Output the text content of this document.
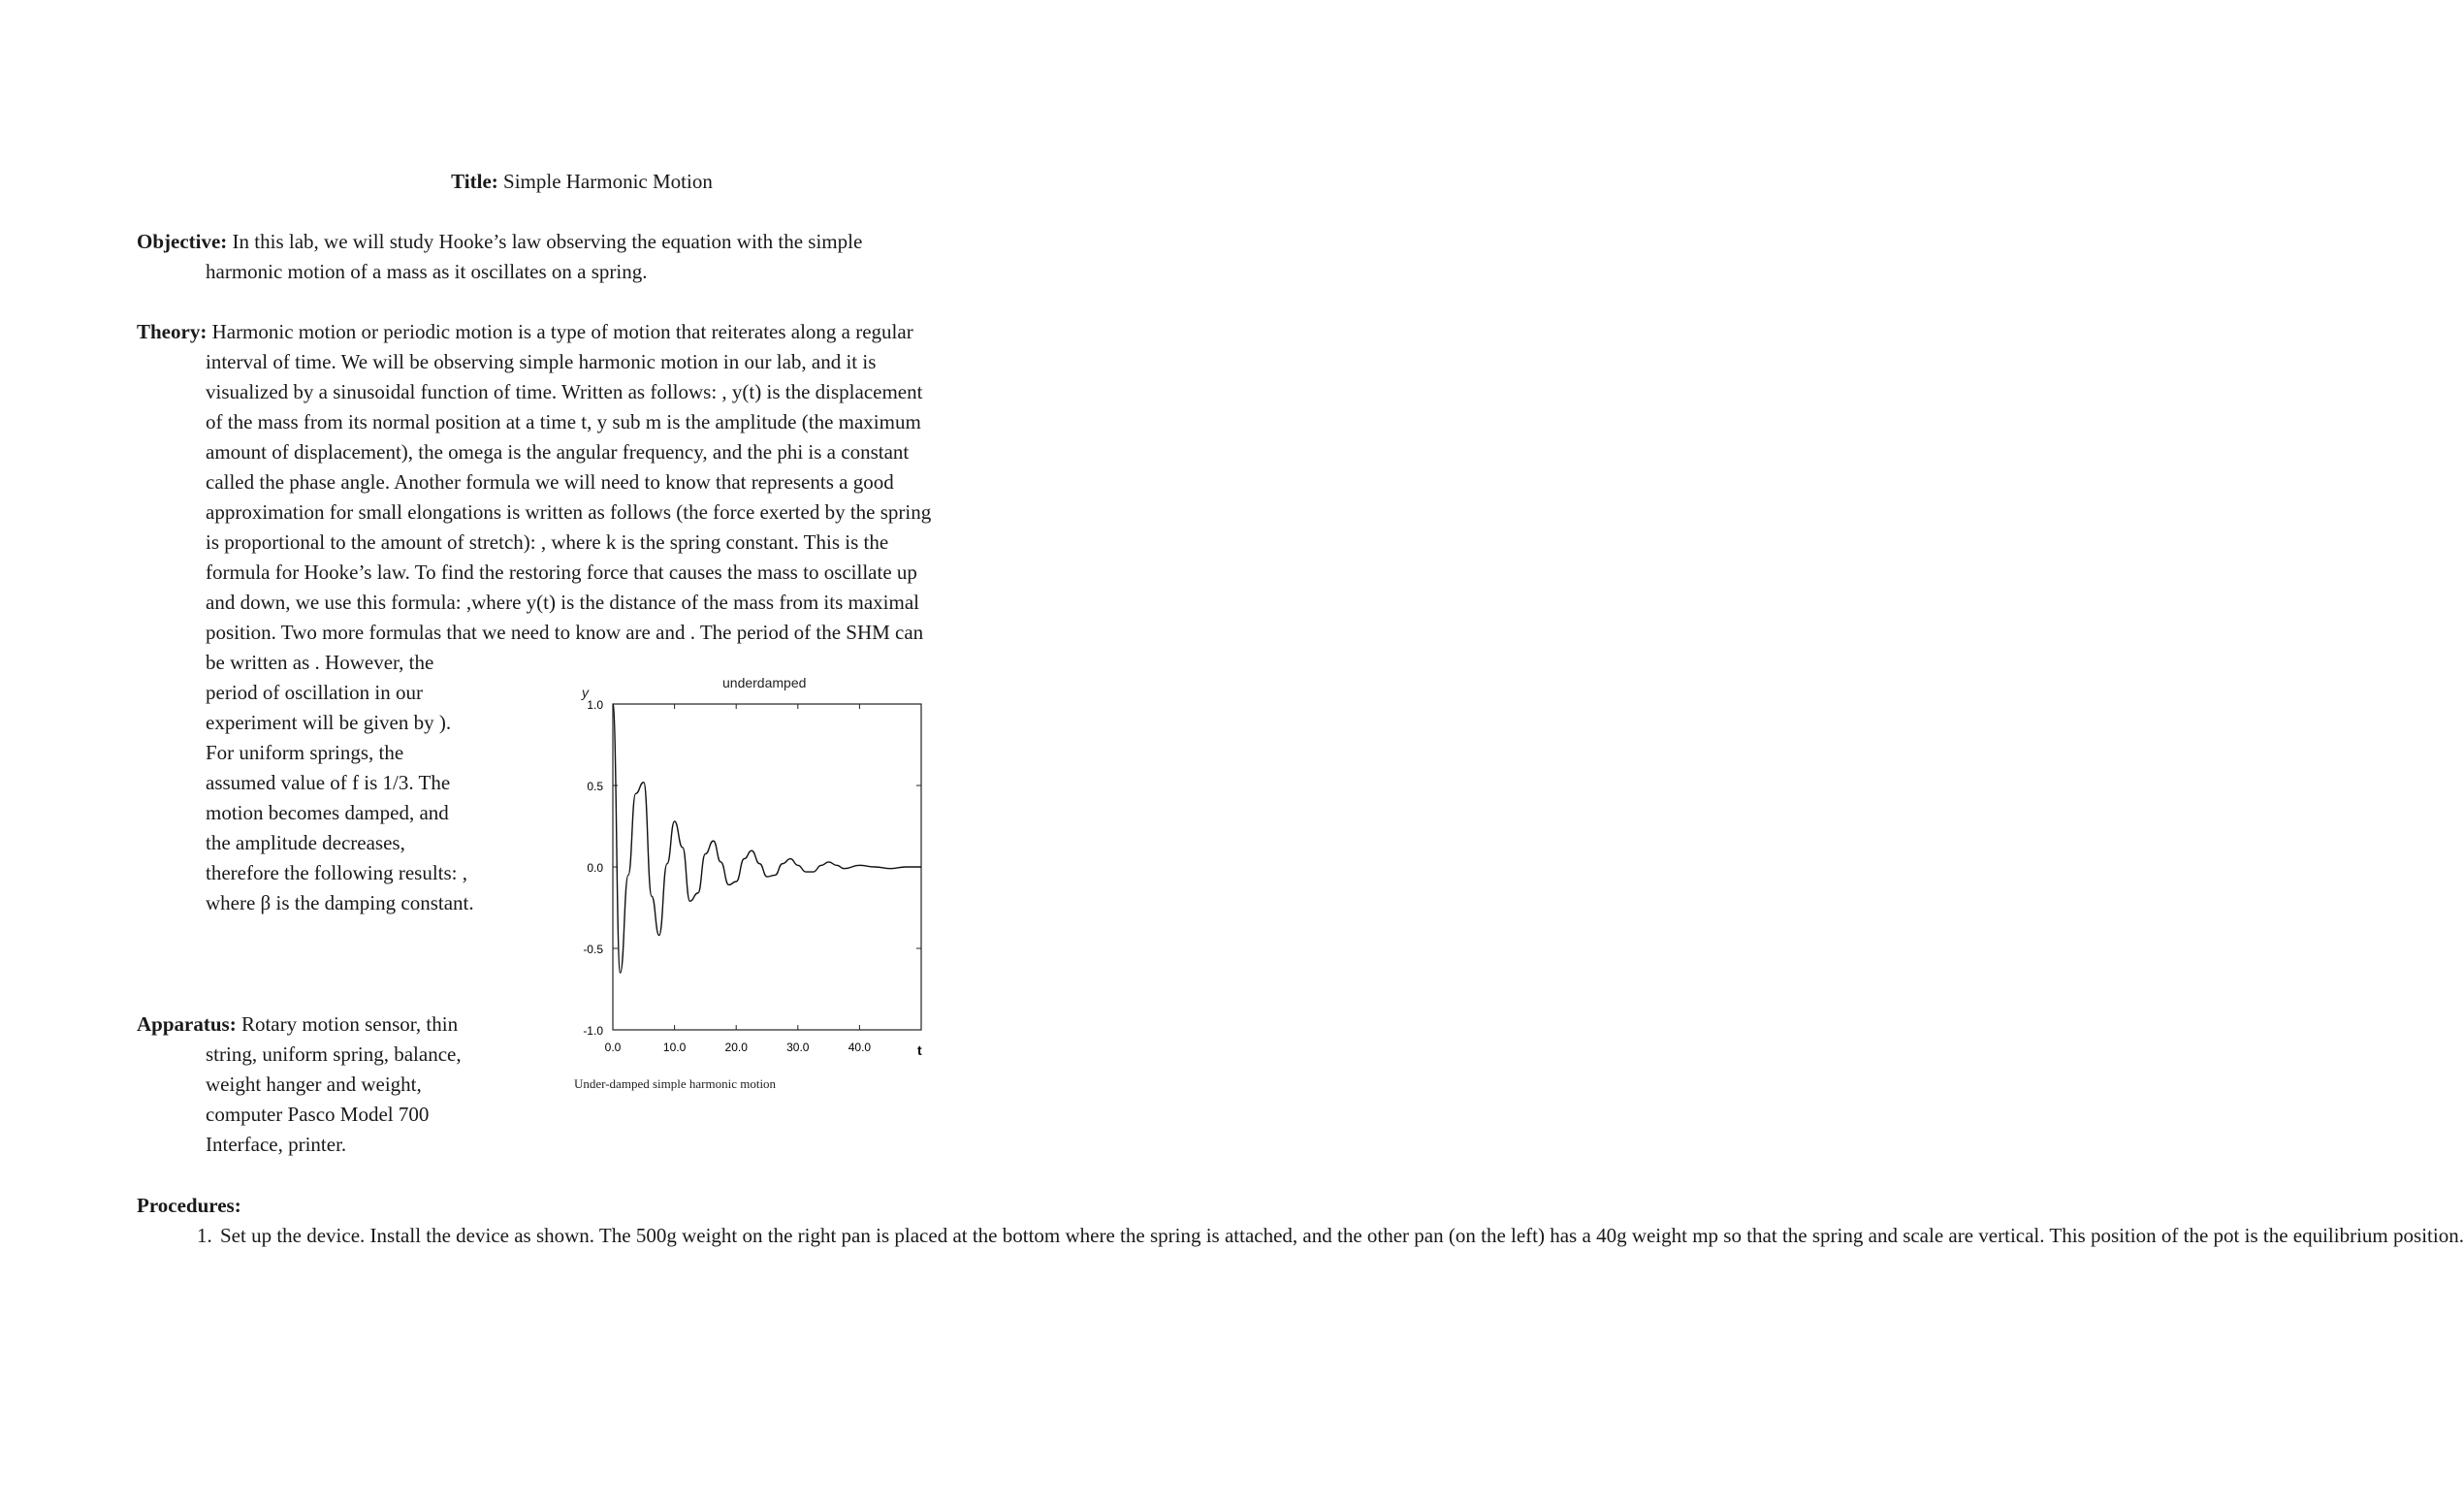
Title: Simple Harmonic Motion
Objective: In this lab, we will study Hooke’s law observing the equation with the simple
harmonic motion of a mass as it oscillates on a spring.
Theory: Harmonic motion or periodic motion is a type of motion that reiterates along a regular
interval of time. We will be observing simple harmonic motion in our lab, and it is
visualized by a sinusoidal function of time. Written as follows: , y(t) is the displacement
of the mass from its normal position at a time t, y sub m is the amplitude (the maximum
amount of displacement), the omega is the angular frequency, and the phi is a constant
called the phase angle. Another formula we will need to know that represents a good
approximation for small elongations is written as follows (the force exerted by the spring
is proportional to the amount of stretch): , where k is the spring constant. This is the
formula for Hooke’s law. To find the restoring force that causes the mass to oscillate up
and down, we use this formula: ,where y(t) is the distance of the mass from its maximal
position. Two more formulas that we need to know are and . The period of the SHM can
be written as . However, the
period of oscillation in our
experiment will be given by ).
For uniform springs, the
assumed value of f is 1/3. The
motion becomes damped, and
the amplitude decreases,
therefore the following results: ,
where β is the damping constant.
1.0
0.5
0.0
-0.5
-1.0
0.0	10.0	20.0	30.0	40.0	t
underdamped
y
Under-damped simple harmonic motion
Apparatus: Rotary motion sensor, thin
string, uniform spring, balance,
weight hanger and weight,
computer Pasco Model 700
Interface, printer.
Procedures:
1. Set up the device. Install the device as shown. The 500g weight on the right pan is placed at the bottom where the spring is attached, and the other pan (on the left) has a 40g weight mp so that the spring and scale are vertical. This position of the pot is the equilibrium position.
